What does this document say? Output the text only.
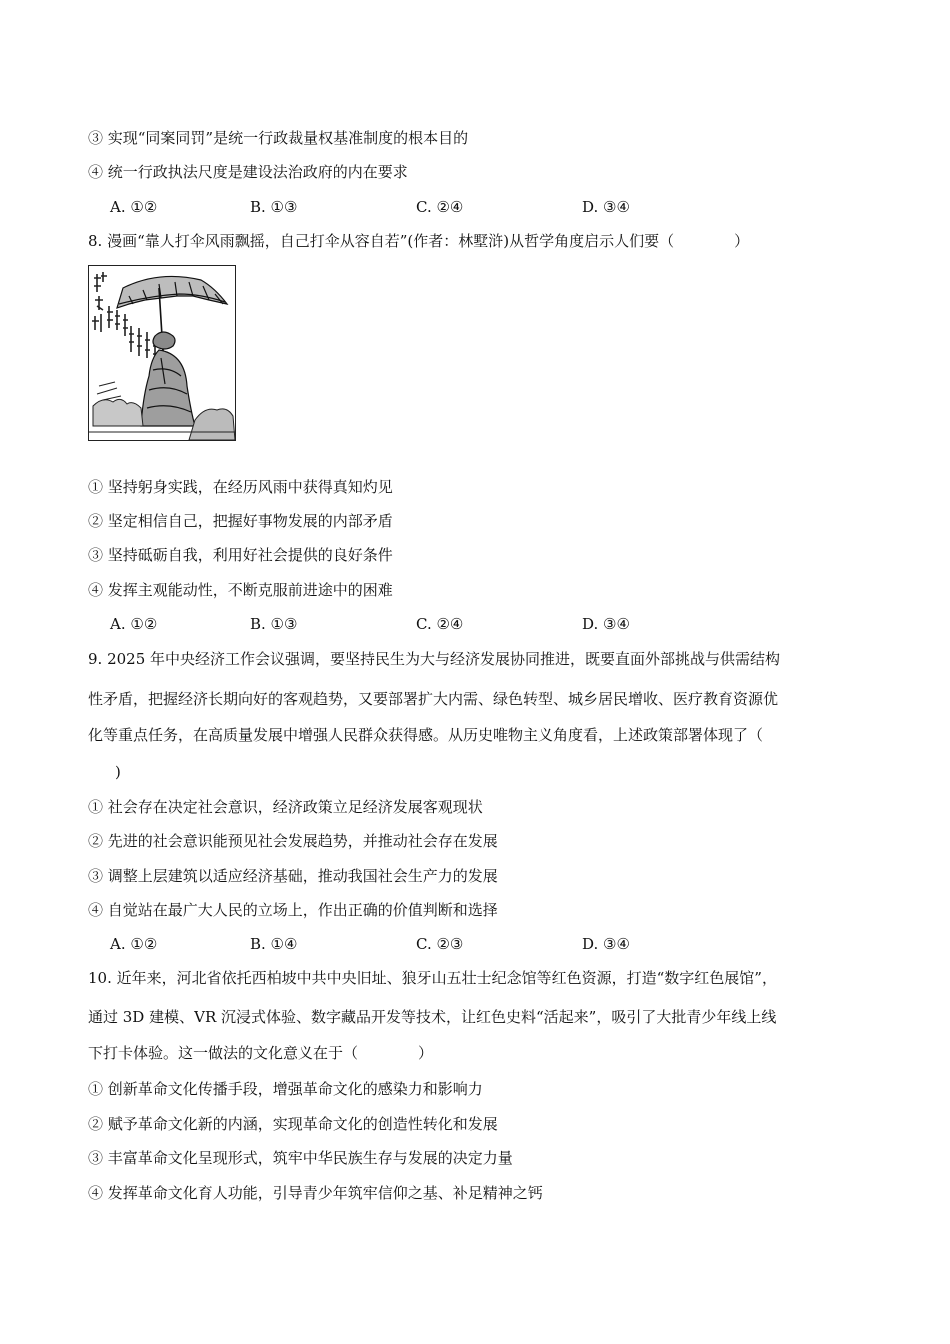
③ 实现“同案同罚”是统一行政裁量权基准制度的根本目的
④ 统一行政执法尺度是建设法治政府的内在要求
A. ①②	B. ①③	C. ②④	D. ③④
8. 漫画“靠人打伞风雨飘摇，自己打伞从容自若”(作者：林墅浒)从哲学角度启示人们要（　　　　）
① 坚持躬身实践，在经历风雨中获得真知灼见
② 坚定相信自己，把握好事物发展的内部矛盾
③ 坚持砥砺自我，利用好社会提供的良好条件
④ 发挥主观能动性，不断克服前进途中的困难
A. ①②	B. ①③	C. ②④	D. ③④
9. 2025 年中央经济工作会议强调，要坚持民生为大与经济发展协同推进，既要直面外部挑战与供需结构
性矛盾，把握经济长期向好的客观趋势，又要部署扩大内需、绿色转型、城乡居民增收、医疗教育资源优
化等重点任务，在高质量发展中增强人民群众获得感。从历史唯物主义角度看，上述政策部署体现了（
　)
① 社会存在决定社会意识，经济政策立足经济发展客观现状
② 先进的社会意识能预见社会发展趋势，并推动社会存在发展
③ 调整上层建筑以适应经济基础，推动我国社会生产力的发展
④ 自觉站在最广大人民的立场上，作出正确的价值判断和选择
A. ①②	B. ①④	C. ②③	D. ③④
10. 近年来，河北省依托西柏坡中共中央旧址、狼牙山五壮士纪念馆等红色资源，打造“数字红色展馆”，
通过 3D 建模、VR 沉浸式体验、数字藏品开发等技术，让红色史料“活起来”，吸引了大批青少年线上线
下打卡体验。这一做法的文化意义在于（　　　　）
① 创新革命文化传播手段，增强革命文化的感染力和影响力
② 赋予革命文化新的内涵，实现革命文化的创造性转化和发展
③ 丰富革命文化呈现形式，筑牢中华民族生存与发展的决定力量
④ 发挥革命文化育人功能，引导青少年筑牢信仰之基、补足精神之钙
